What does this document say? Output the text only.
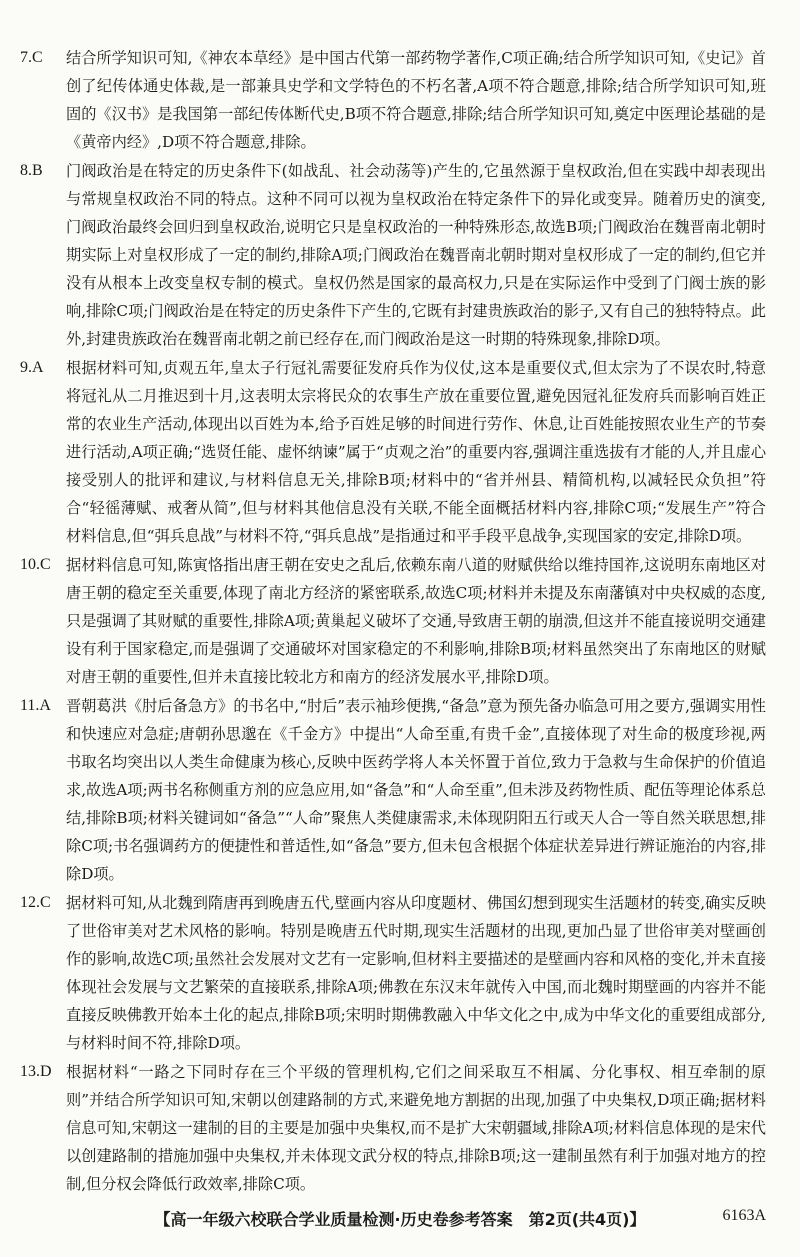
7.C 结合所学知识可知,《神农本草经》是中国古代第一部药物学著作,C项正确;结合所学知识可知,《史记》首创了纪传体通史体裁,是一部兼具史学和文学特色的不朽名著,A项不符合题意,排除;结合所学知识可知,班固的《汉书》是我国第一部纪传体断代史,B项不符合题意,排除;结合所学知识可知,奠定中医理论基础的是《黄帝内经》,D项不符合题意,排除。
8.B 门阀政治是在特定的历史条件下(如战乱、社会动荡等)产生的,它虽然源于皇权政治,但在实践中却表现出与常规皇权政治不同的特点。这种不同可以视为皇权政治在特定条件下的异化或变异。随着历史的演变,门阀政治最终会回归到皇权政治,说明它只是皇权政治的一种特殊形态,故选B项;门阀政治在魏晋南北朝时期实际上对皇权形成了一定的制约,排除A项;门阀政治在魏晋南北朝时期对皇权形成了一定的制约,但它并没有从根本上改变皇权专制的模式。皇权仍然是国家的最高权力,只是在实际运作中受到了门阀士族的影响,排除C项;门阀政治是在特定的历史条件下产生的,它既有封建贵族政治的影子,又有自己的独特特点。此外,封建贵族政治在魏晋南北朝之前已经存在,而门阀政治是这一时期的特殊现象,排除D项。
9.A 根据材料可知,贞观五年,皇太子行冠礼需要征发府兵作为仪仗,这本是重要仪式,但太宗为了不误农时,特意将冠礼从二月推迟到十月,这表明太宗将民众的农事生产放在重要位置,避免因冠礼征发府兵而影响百姓正常的农业生产活动,体现出以百姓为本,给予百姓足够的时间进行劳作、休息,让百姓能按照农业生产的节奏进行活动,A项正确;“选贤任能、虚怀纳谏”属于“贞观之治”的重要内容,强调注重选拔有才能的人,并且虚心接受别人的批评和建议,与材料信息无关,排除B项;材料中的“省并州县、精简机构,以减轻民众负担”符合“轻徭薄赋、戒奢从简”,但与材料其他信息没有关联,不能全面概括材料内容,排除C项;“发展生产”符合材料信息,但“弭兵息战”与材料不符,“弭兵息战”是指通过和平手段平息战争,实现国家的安定,排除D项。
10.C 据材料信息可知,陈寅恪指出唐王朝在安史之乱后,依赖东南八道的财赋供给以维持国祚,这说明东南地区对唐王朝的稳定至关重要,体现了南北方经济的紧密联系,故选C项;材料并未提及东南藩镇对中央权威的态度,只是强调了其财赋的重要性,排除A项;黄巢起义破坏了交通,导致唐王朝的崩溃,但这并不能直接说明交通建设有利于国家稳定,而是强调了交通破坏对国家稳定的不利影响,排除B项;材料虽然突出了东南地区的财赋对唐王朝的重要性,但并未直接比较北方和南方的经济发展水平,排除D项。
11.A 晋朝葛洪《肘后备急方》的书名中,“肘后”表示袖珍便携,“备急”意为预先备办临急可用之要方,强调实用性和快速应对急症;唐朝孙思邈在《千金方》中提出“人命至重,有贵千金”,直接体现了对生命的极度珍视,两书取名均突出以人类生命健康为核心,反映中医药学将人本关怀置于首位,致力于急救与生命保护的价值追求,故选A项;两书名称侧重方剂的应急应用,如“备急”和“人命至重”,但未涉及药物性质、配伍等理论体系总结,排除B项;材料关键词如“备急”“人命”聚焦人类健康需求,未体现阴阳五行或天人合一等自然关联思想,排除C项;书名强调药方的便捷性和普适性,如“备急”要方,但未包含根据个体症状差异进行辨证施治的内容,排除D项。
12.C 据材料可知,从北魏到隋唐再到晚唐五代,壁画内容从印度题材、佛国幻想到现实生活题材的转变,确实反映了世俗审美对艺术风格的影响。特别是晚唐五代时期,现实生活题材的出现,更加凸显了世俗审美对壁画创作的影响,故选C项;虽然社会发展对文艺有一定影响,但材料主要描述的是壁画内容和风格的变化,并未直接体现社会发展与文艺繁荣的直接联系,排除A项;佛教在东汉末年就传入中国,而北魏时期壁画的内容并不能直接反映佛教开始本土化的起点,排除B项;宋明时期佛教融入中华文化之中,成为中华文化的重要组成部分,与材料时间不符,排除D项。
13.D 根据材料“一路之下同时存在三个平级的管理机构,它们之间采取互不相属、分化事权、相互牵制的原则”并结合所学知识可知,宋朝以创建路制的方式,来避免地方割据的出现,加强了中央集权,D项正确;据材料信息可知,宋朝这一建制的目的主要是加强中央集权,而不是扩大宋朝疆域,排除A项;材料信息体现的是宋代以创建路制的措施加强中央集权,并未体现文武分权的特点,排除B项;这一建制虽然有利于加强对地方的控制,但分权会降低行政效率,排除C项。
【高一年级六校联合学业质量检测·历史卷参考答案　第2页(共4页)】	6163A
